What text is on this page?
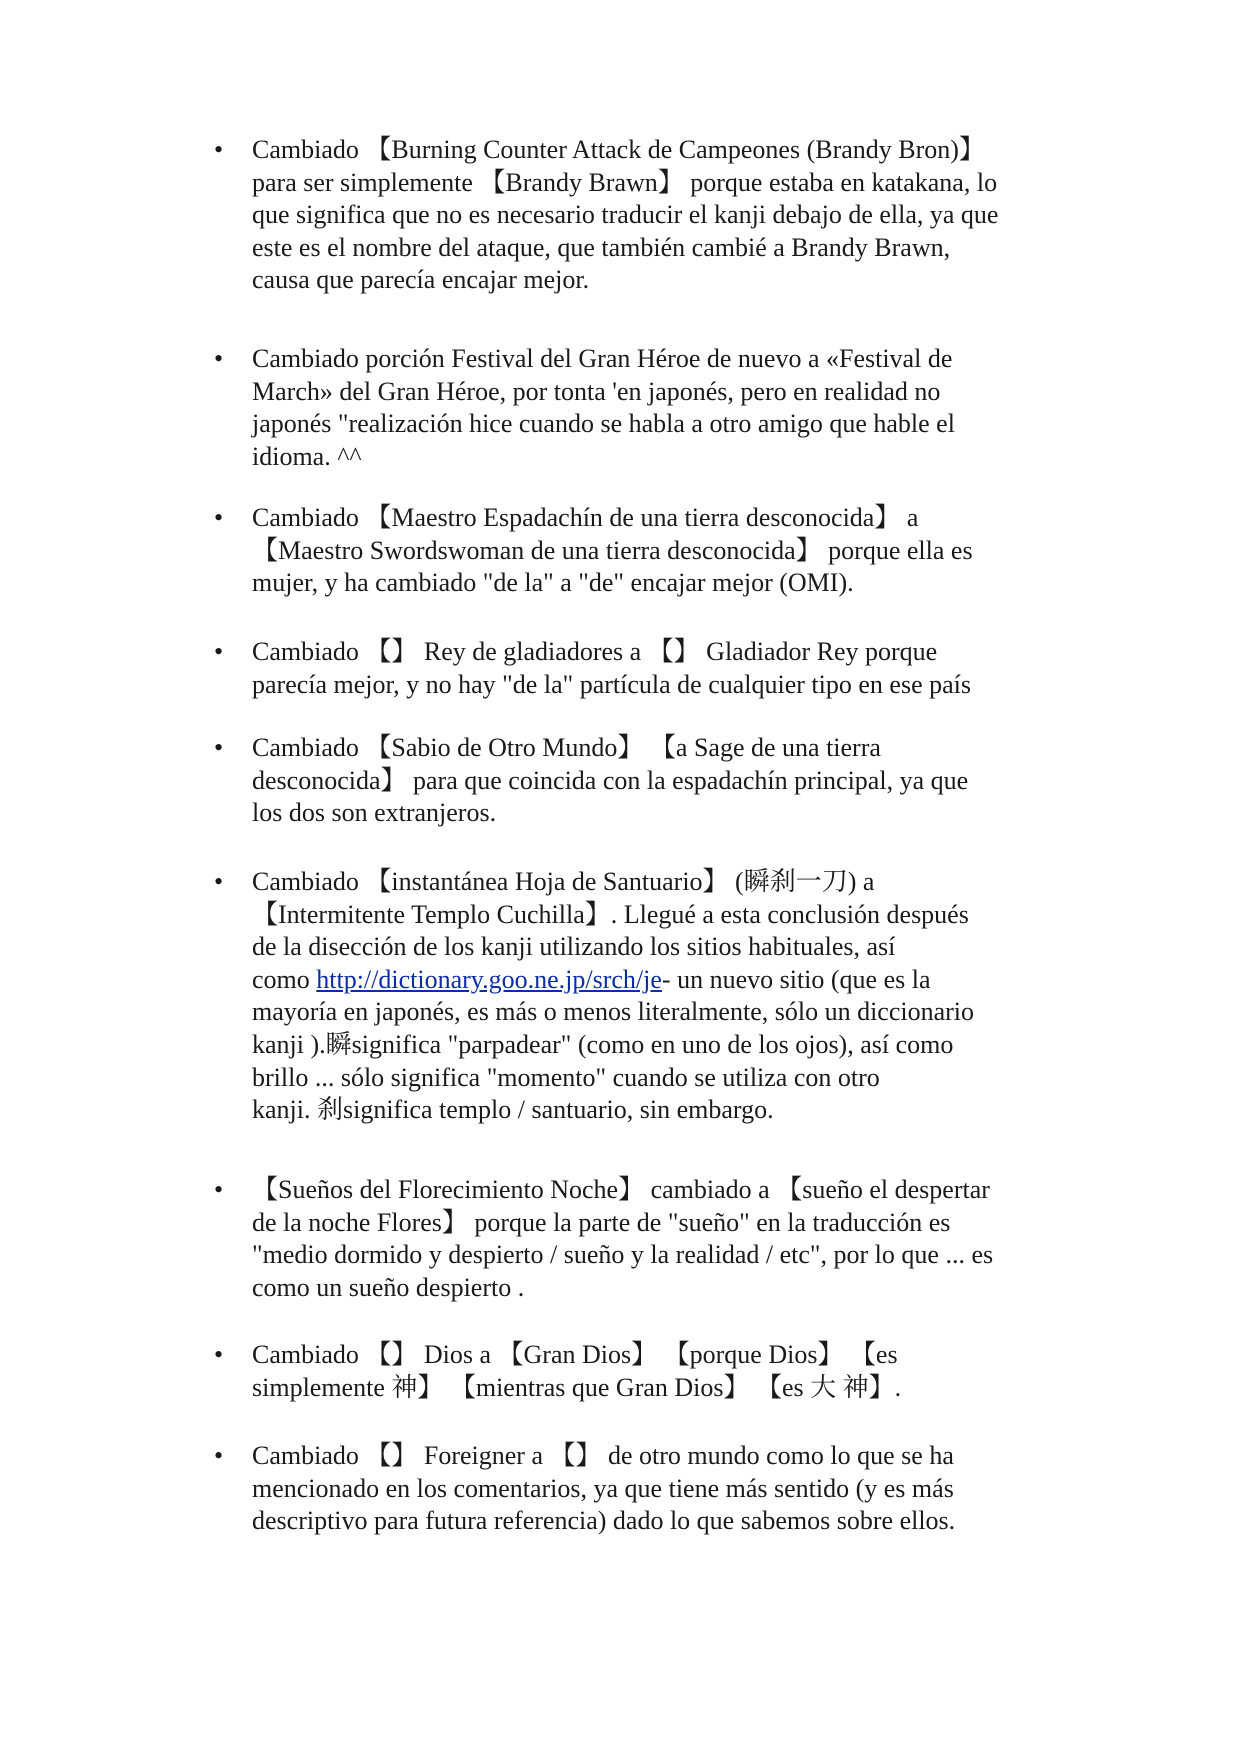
•
Cambiado 【Burning Counter Attack de Campeones (Brandy Bron)】
para ser simplemente 【Brandy Brawn】 porque estaba en katakana, lo
que significa que no es necesario traducir el kanji debajo de ella, ya que
este es el nombre del ataque, que también cambié a Brandy Brawn,
causa que parecía encajar mejor.
•
Cambiado porción Festival del Gran Héroe de nuevo a «Festival de
March» del Gran Héroe, por tonta 'en japonés, pero en realidad no
japonés "realización hice cuando se habla a otro amigo que hable el
idioma. ^^
•
Cambiado 【Maestro Espadachín de una tierra desconocida】 a
【Maestro Swordswoman de una tierra desconocida】 porque ella es
mujer, y ha cambiado "de la" a "de" encajar mejor (OMI).
•
Cambiado 【】 Rey de gladiadores a 【】 Gladiador Rey porque
parecía mejor, y no hay "de la" partícula de cualquier tipo en ese país
•
Cambiado 【Sabio de Otro Mundo】 【a Sage de una tierra
desconocida】 para que coincida con la espadachín principal, ya que
los dos son extranjeros.
•
Cambiado 【instantánea Hoja de Santuario】 (瞬刹一刀) a
【Intermitente Templo Cuchilla】. Llegué a esta conclusión después
de la disección de los kanji utilizando los sitios habituales, así
como http://dictionary.goo.ne.jp/srch/je- un nuevo sitio (que es la
mayoría en japonés, es más o menos literalmente, sólo un diccionario
kanji ).瞬significa "parpadear" (como en uno de los ojos), así como
brillo ... sólo significa "momento" cuando se utiliza con otro
kanji. 刹significa templo / santuario, sin embargo.
•
【Sueños del Florecimiento Noche】 cambiado a 【sueño el despertar
de la noche Flores】 porque la parte de "sueño" en la traducción es
"medio dormido y despierto / sueño y la realidad / etc", por lo que ... es
como un sueño despierto .
•
Cambiado 【】 Dios a 【Gran Dios】 【porque Dios】 【es
simplemente 神】 【mientras que Gran Dios】 【es 大 神】.
•
Cambiado 【】 Foreigner a 【】 de otro mundo como lo que se ha
mencionado en los comentarios, ya que tiene más sentido (y es más
descriptivo para futura referencia) dado lo que sabemos sobre ellos.
